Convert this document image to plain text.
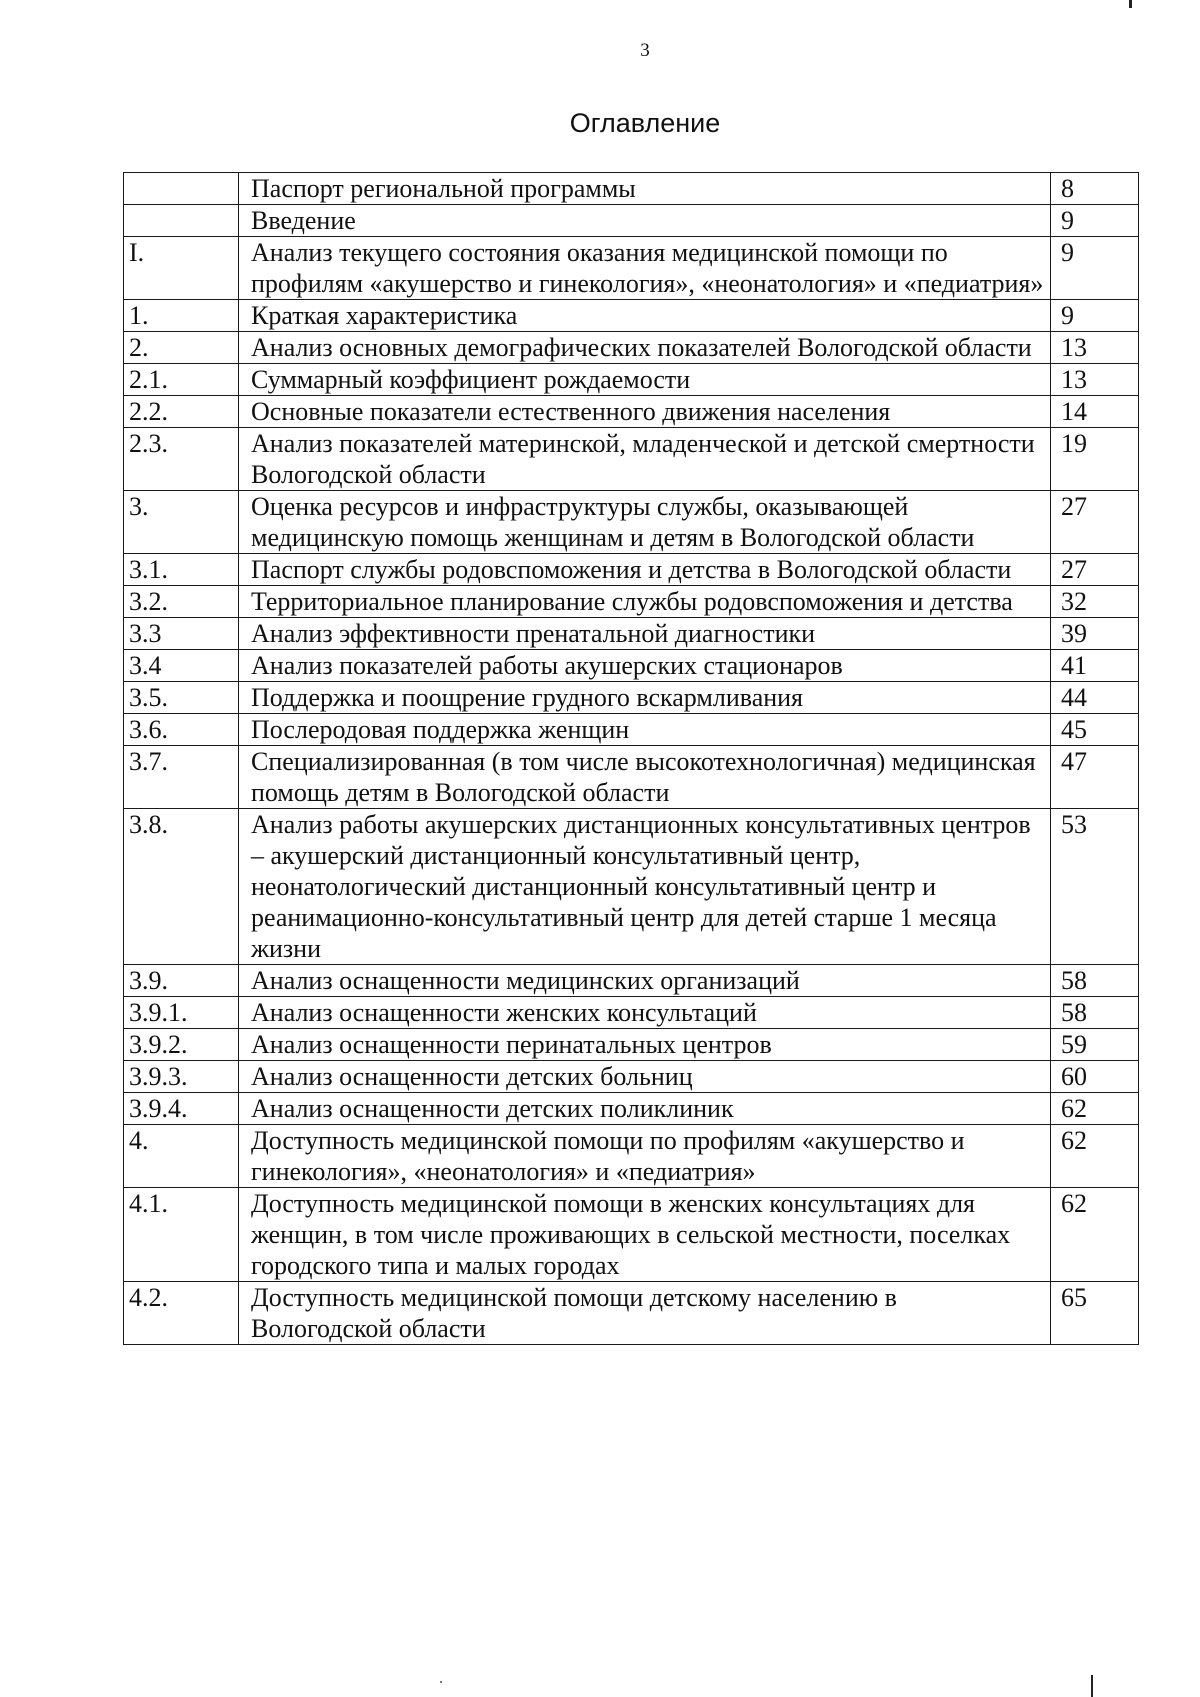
3
Оглавление
	Паспорт региональной программы	8
	Введение	9
I.	Анализ текущего состояния оказания медицинской помощи по профилям «акушерство и гинекология», «неонатология» и «педиатрия»	9
1.	Краткая характеристика	9
2.	Анализ основных демографических показателей Вологодской области	13
2.1.	Суммарный коэффициент рождаемости	13
2.2.	Основные показатели естественного движения населения	14
2.3.	Анализ показателей материнской, младенческой и детской смертности Вологодской области	19
3.	Оценка ресурсов и инфраструктуры службы, оказывающей медицинскую помощь женщинам и детям в Вологодской области	27
3.1.	Паспорт службы родовспоможения и детства в Вологодской области	27
3.2.	Территориальное планирование службы родовспоможения и детства	32
3.3	Анализ эффективности пренатальной диагностики	39
3.4	Анализ показателей работы акушерских стационаров	41
3.5.	Поддержка и поощрение грудного вскармливания	44
3.6.	Послеродовая поддержка женщин	45
3.7.	Специализированная (в том числе высокотехнологичная) медицинская помощь детям в Вологодской области	47
3.8.	Анализ работы акушерских дистанционных консультативных центров – акушерский дистанционный консультативный центр, неонатологический дистанционный консультативный центр и реанимационно-консультативный центр для детей старше 1 месяца жизни	53
3.9.	Анализ оснащенности медицинских организаций	58
3.9.1.	Анализ оснащенности женских консультаций	58
3.9.2.	Анализ оснащенности перинатальных центров	59
3.9.3.	Анализ оснащенности детских больниц	60
3.9.4.	Анализ оснащенности детских поликлиник	62
4.	Доступность медицинской помощи по профилям «акушерство и гинекология», «неонатология» и «педиатрия»	62
4.1.	Доступность медицинской помощи в женских консультациях для женщин, в том числе проживающих в сельской местности, поселках городского типа и малых городах	62
4.2.	Доступность медицинской помощи детскому населению в Вологодской области	65
